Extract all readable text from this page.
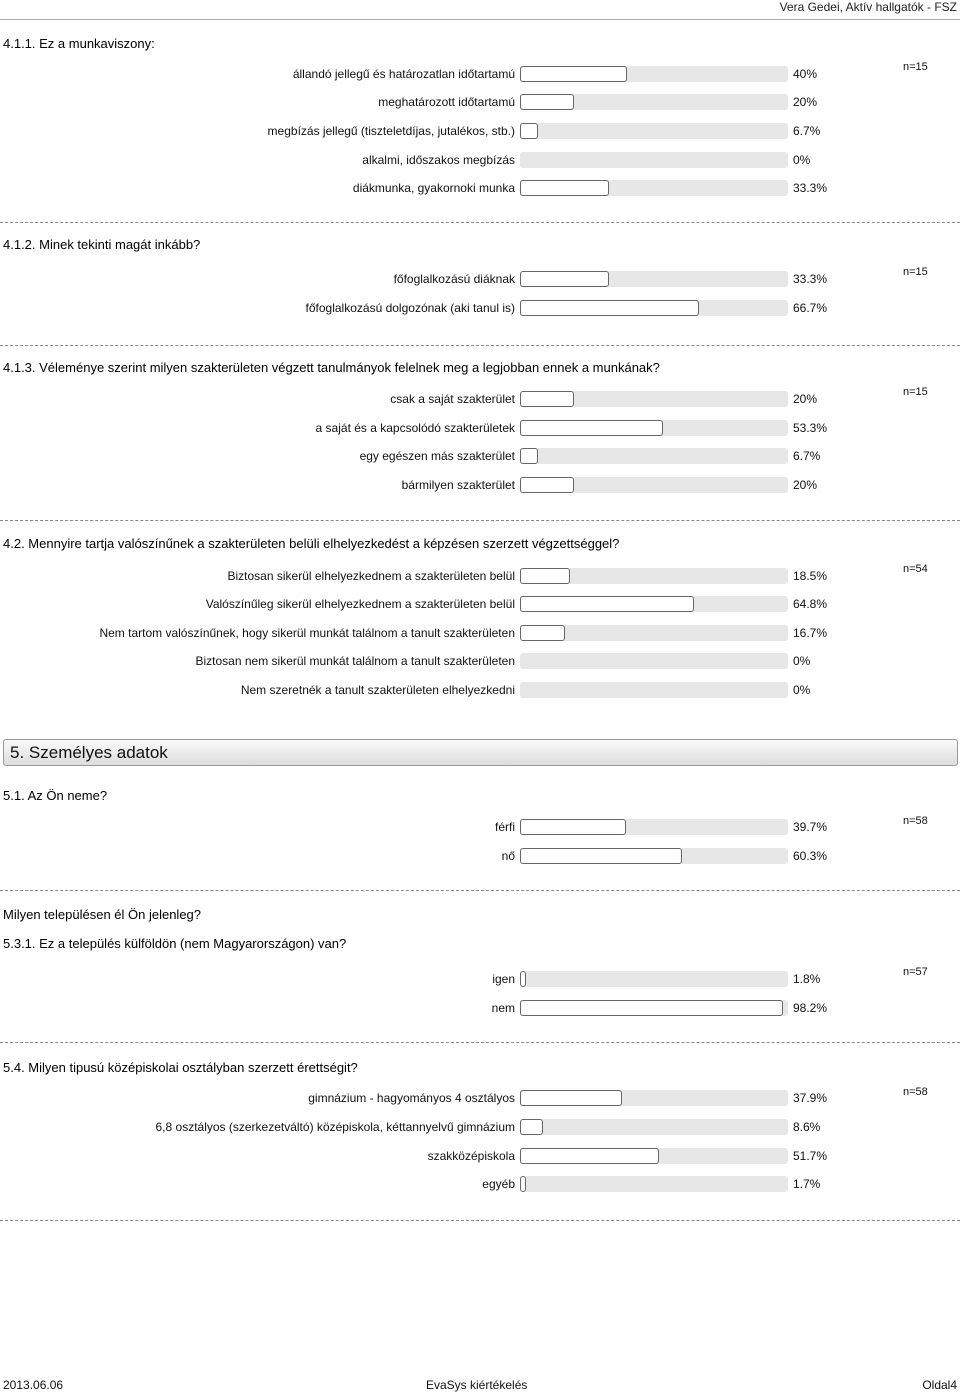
Vera Gedei, Aktív hallgatók - FSZ
4.1.1. Ez a munkaviszony:
n=15
állandó jellegű és határozatlan időtartamú	40%
meghatározott időtartamú	20%
megbízás jellegű (tiszteletdíjas, jutalékos, stb.)	6.7%
alkalmi, időszakos megbízás	0%
diákmunka, gyakornoki munka	33.3%
4.1.2. Minek tekinti magát inkább?
n=15
főfoglalkozású diáknak	33.3%
főfoglalkozású dolgozónak (aki tanul is)	66.7%
4.1.3. Véleménye szerint milyen szakterületen végzett tanulmányok felelnek meg a legjobban ennek a munkának?
n=15
csak a saját szakterület	20%
a saját és a kapcsolódó szakterületek	53.3%
egy egészen más szakterület	6.7%
bármilyen szakterület	20%
4.2. Mennyire tartja valószínűnek a szakterületen belüli elhelyezkedést a képzésen szerzett végzettséggel?
n=54
Biztosan sikerül elhelyezkednem a szakterületen belül	18.5%
Valószínűleg sikerül elhelyezkednem a szakterületen belül	64.8%
Nem tartom valószínűnek, hogy sikerül munkát találnom a tanult szakterületen	16.7%
Biztosan nem sikerül munkát találnom a tanult szakterületen	0%
Nem szeretnék a tanult szakterületen elhelyezkedni	0%
5. Személyes adatok
5.1. Az Ön neme?
n=58
férfi	39.7%
nő	60.3%
Milyen településen él Ön jelenleg?
5.3.1. Ez a település külföldön (nem Magyarországon) van?
n=57
igen	1.8%
nem	98.2%
5.4. Milyen tipusú középiskolai osztályban szerzett érettségit?
n=58
gimnázium - hagyományos 4 osztályos	37.9%
6,8 osztályos (szerkezetváltó) középiskola, kéttannyelvű gimnázium	8.6%
szakközépiskola	51.7%
egyéb	1.7%
2013.06.06	EvaSys kiértékelés	Oldal4
